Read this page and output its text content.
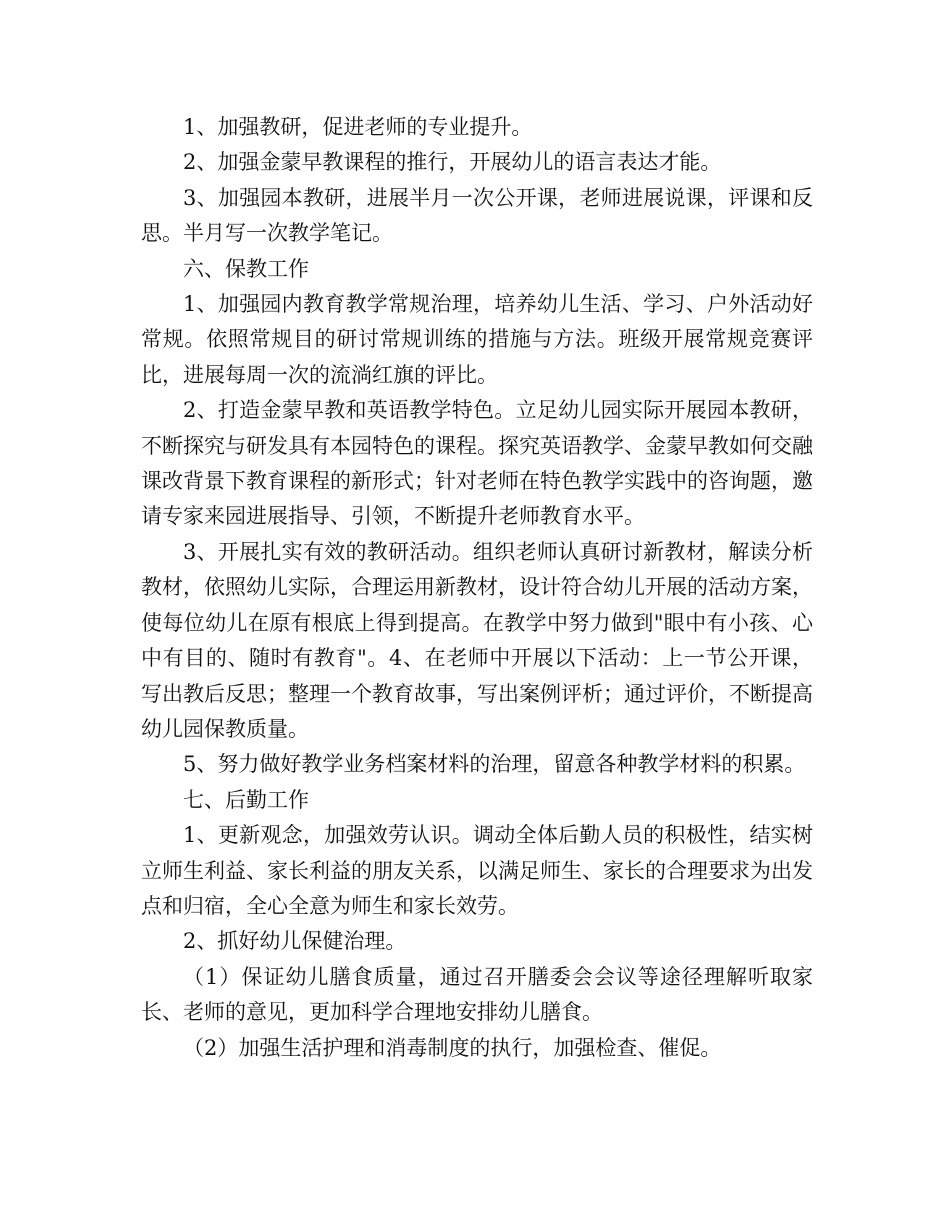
1、加强教研，促进老师的专业提升。

2、加强金蒙早教课程的推行，开展幼儿的语言表达才能。

3、加强园本教研，进展半月一次公开课，老师进展说课，评课和反思。半月写一次教学笔记。

六、保教工作

1、加强园内教育教学常规治理，培养幼儿生活、学习、户外活动好常规。依照常规目的研讨常规训练的措施与方法。班级开展常规竞赛评比，进展每周一次的流淌红旗的评比。

2、打造金蒙早教和英语教学特色。立足幼儿园实际开展园本教研，不断探究与研发具有本园特色的课程。探究英语教学、金蒙早教如何交融课改背景下教育课程的新形式；针对老师在特色教学实践中的咨询题，邀请专家来园进展指导、引领，不断提升老师教育水平。

3、开展扎实有效的教研活动。组织老师认真研讨新教材，解读分析教材，依照幼儿实际，合理运用新教材，设计符合幼儿开展的活动方案，使每位幼儿在原有根底上得到提高。在教学中努力做到"眼中有小孩、心中有目的、随时有教育"。4、在老师中开展以下活动：上一节公开课，写出教后反思；整理一个教育故事，写出案例评析；通过评价，不断提高幼儿园保教质量。

5、努力做好教学业务档案材料的治理，留意各种教学材料的积累。

七、后勤工作

1、更新观念，加强效劳认识。调动全体后勤人员的积极性，结实树立师生利益、家长利益的朋友关系，以满足师生、家长的合理要求为出发点和归宿，全心全意为师生和家长效劳。

2、抓好幼儿保健治理。

（1）保证幼儿膳食质量，通过召开膳委会会议等途径理解听取家长、老师的意见，更加科学合理地安排幼儿膳食。

（2）加强生活护理和消毒制度的执行，加强检查、催促。
